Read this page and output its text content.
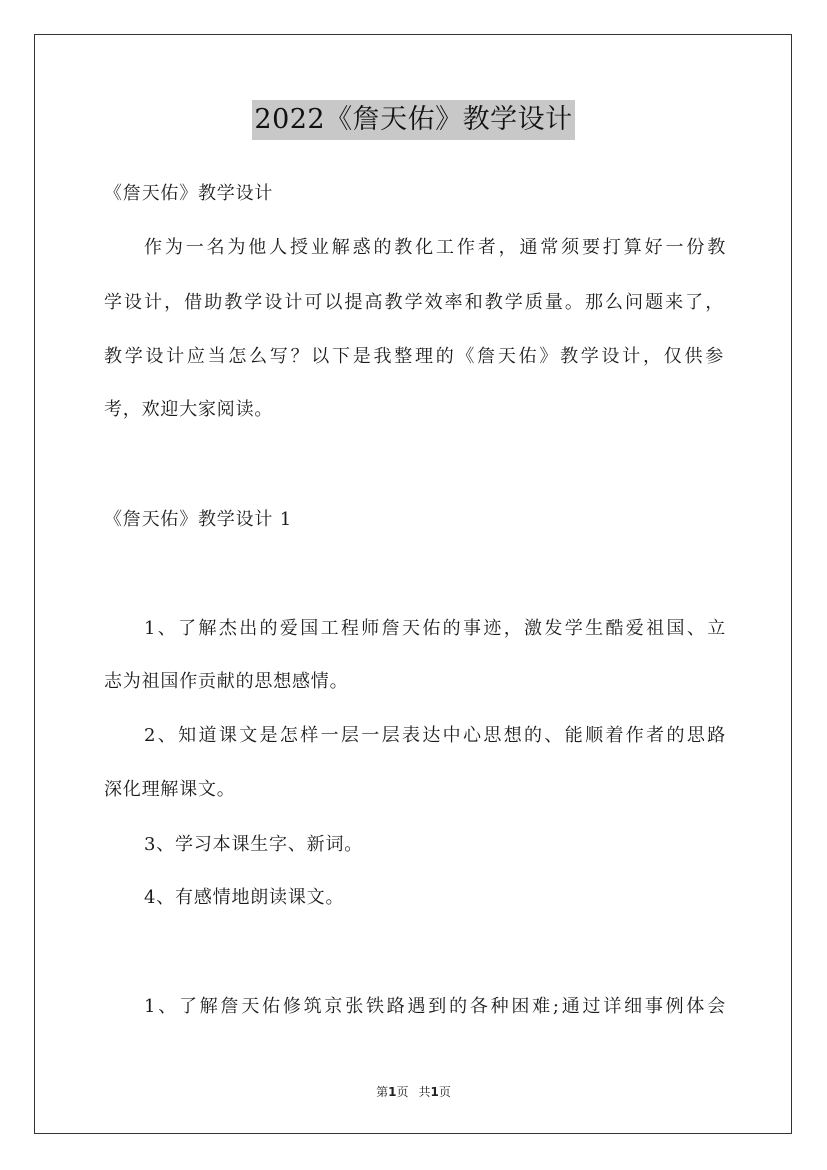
2022《詹天佑》教学设计
《詹天佑》教学设计
作为一名为他人授业解惑的教化工作者，通常须要打算好一份教
学设计，借助教学设计可以提高教学效率和教学质量。那么问题来了，
教学设计应当怎么写？以下是我整理的《詹天佑》教学设计，仅供参
考，欢迎大家阅读。
《詹天佑》教学设计 1
1、了解杰出的爱国工程师詹天佑的事迹，激发学生酷爱祖国、立
志为祖国作贡献的思想感情。
2、知道课文是怎样一层一层表达中心思想的、能顺着作者的思路
深化理解课文。
3、学习本课生字、新词。
4、有感情地朗读课文。
1、了解詹天佑修筑京张铁路遇到的各种困难;通过详细事例体会
第1页 共1页
